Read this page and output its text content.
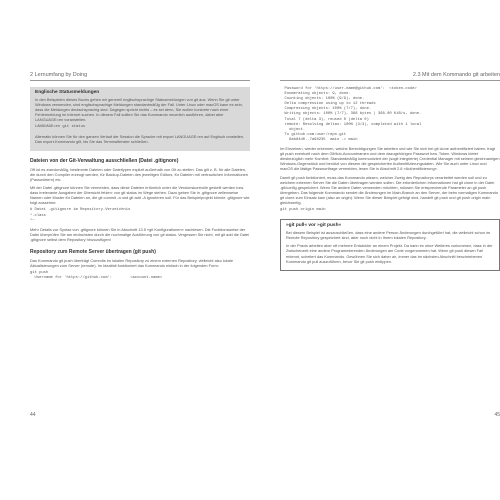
2 Lernumfang by Doing
Englische Statusmeldungen

In den Beispielen dieses Buchs gehen wir generell englischsprachige Statusmeldungen von git aus. Wenn Sie git unter Windows verwenden, sind englischsprachige Meldungen standardmäßig der Fall. Unter Linux oder macOS kann es sein, dass die Meldungen deutschsprachig sind. Dagegen spricht nichts – es sei denn, Sie wollen konkrete nach einer Fehlermeldung im Internet suchen. In diesem Fall sollten Sie das Kommando neuerlich ausführen, dabei aber LANGUAGE=en voranstellen.

LANGUAGE=en git status

Alternativ können Sie für den ganzen Verlauf der Session die Sprache mit export LANGUAGE=en auf Englisch umstellen. Das export-Kommando gilt, bis Sie das Terminalfenster schließen.

Dateien von der Git-Verwaltung ausschließen (Datei .gitignore)

Oft ist es zweckmäßig, bestimmte Dateien oder Dateitypen explizit außerhalb von Git zu stellen. Das gilt z. B. für alle Dateien, die durch den Compiler erzeugt werden, für Backup-Dateien des jeweiligen Editors, für Dateien mit vertraulichen Informationen (Passwörtern) etc.

Mit der Datei .gitignore können Sie vermeiden, dass diese Dateien irrtümlich unter die Versionskontrolle gestellt werden bzw. dass irrelevante Ausgaben der Übersicht fehlen: von git status im Wege stehen. Dazu geben Sie in .gitignore zeilenweise Namen oder Muster für Dateien an, die git commit -a und git add -A ignorieren soll. Für das Beispielprojekt könnte .gitignore wie folgt aussehen:

# Datei .gitignore im Repository-Verzeichnis
*.class
*~

Mehr Details zur Syntax von .gitignore können Sie in Abschnitt 13.5 »git Konfigurationen« nachlesen. Die Funktionsweise der Datei überprüfen Sie am einfachsten durch die nochmalige Ausführung von git status. Vergessen Sie nicht, mit git add die Datei .gitignore selbst dem Repository hinzuzufügen!

Repository zum Remote Server übertragen (git push)

Das Kommando git push überträgt Commits im lokalen Repository zu einem externen Repository, vielleicht also lokale Aktualisierungen zum Server (remote). Im Idealfall funktioniert das Kommando einfach in der folgenden Form:

git push
Username for 'https://github.com':        <account-name>
44
2.3 Mit dem Kommando git arbeiten
Password for 'https://user-name@github.com':  <token-code>
Enumerating objects: 9, done.
Counting objects: 100% (9/9), done.
Delta compression using up to 12 threads
Compressing objects: 100% (7/7), done.
Writing objects: 100% (7/7), 368 bytes | 368.00 KiB/s, done.
Total 7 (delta 3), reused 0 (delta 0)
remote: Resolving deltas: 100% (3/3), completed with 1 local
object.
To github.com:user/repo.git
6ab84d0..7a98235  main -> main

Im Einzelnen, wieder erkennen, welche Berechtigungen Sie arbeiten und wie Sie sich bei git clone authentifiziert haben, fragt git push eventuell nach dem GitHub-Accountnamen und dem dazugehörigen Passwort bzw. Token. Windows bietet diesbezüglich mehr Komfort: Standardmäßig kommuniziert der (sogit integrierte) Credential Manager mit seinem gleichnamigen Windows-Gegenstück und benützt von diesem die gespeicherten Authentifizierungsdaten. Wie Sie auch unter Linux und macOS die lästige Passwortfrage vermeiden, lesen Sie in Abschnitt 2.6 »Authentifizierung«.

Damit git push funktioniert, muss das Kommando wissen, welcher Zweig des Repositorys verarbeitet werden soll und zu welchem externen Server Sie die Daten übertragen werden sollen. Die erforderlichen Informationen hat git clone in der Datei .git/config gespeichert. Wenn Sie andere Daten verwenden möchten, müssen Sie entsprechende Parameter an git push übergeben. Das folgende Kommando sendet die Änderungen im Main-Branch an den Server, der beim vormaligen Kommando git clone zum Einsatz kam (also an origin). Wenn Sie dieser Beispiel gefolgt sind, handelt git push und git push origin main gleichwertig.

git push origin main
»git pull« vor »git push«

Bei diesem Beispiel ist auszuschließen, dass eine andere Person Änderungen durchgeführt hat, die vielleicht schon im Remote Repository gespeichert sind, aber noch nicht in Ihrem lokalen Repository.

In der Praxis arbeiten aber oft mehrere Entwickler an einem Projekt. Da kann es ohne Weiteres vorkommen, dass in der Zwischenzeit eine andere Programmierenden Änderungen am Code vorgenommen hat. Wenn git push diesen Fall erkennt, scheitert das Kommando. Gewöhnen Sie sich daher an, immer das im nächsten Abschnitt beschriebenen Kommando git pull auszuführen, bevor Sie git push eintippen.

45
